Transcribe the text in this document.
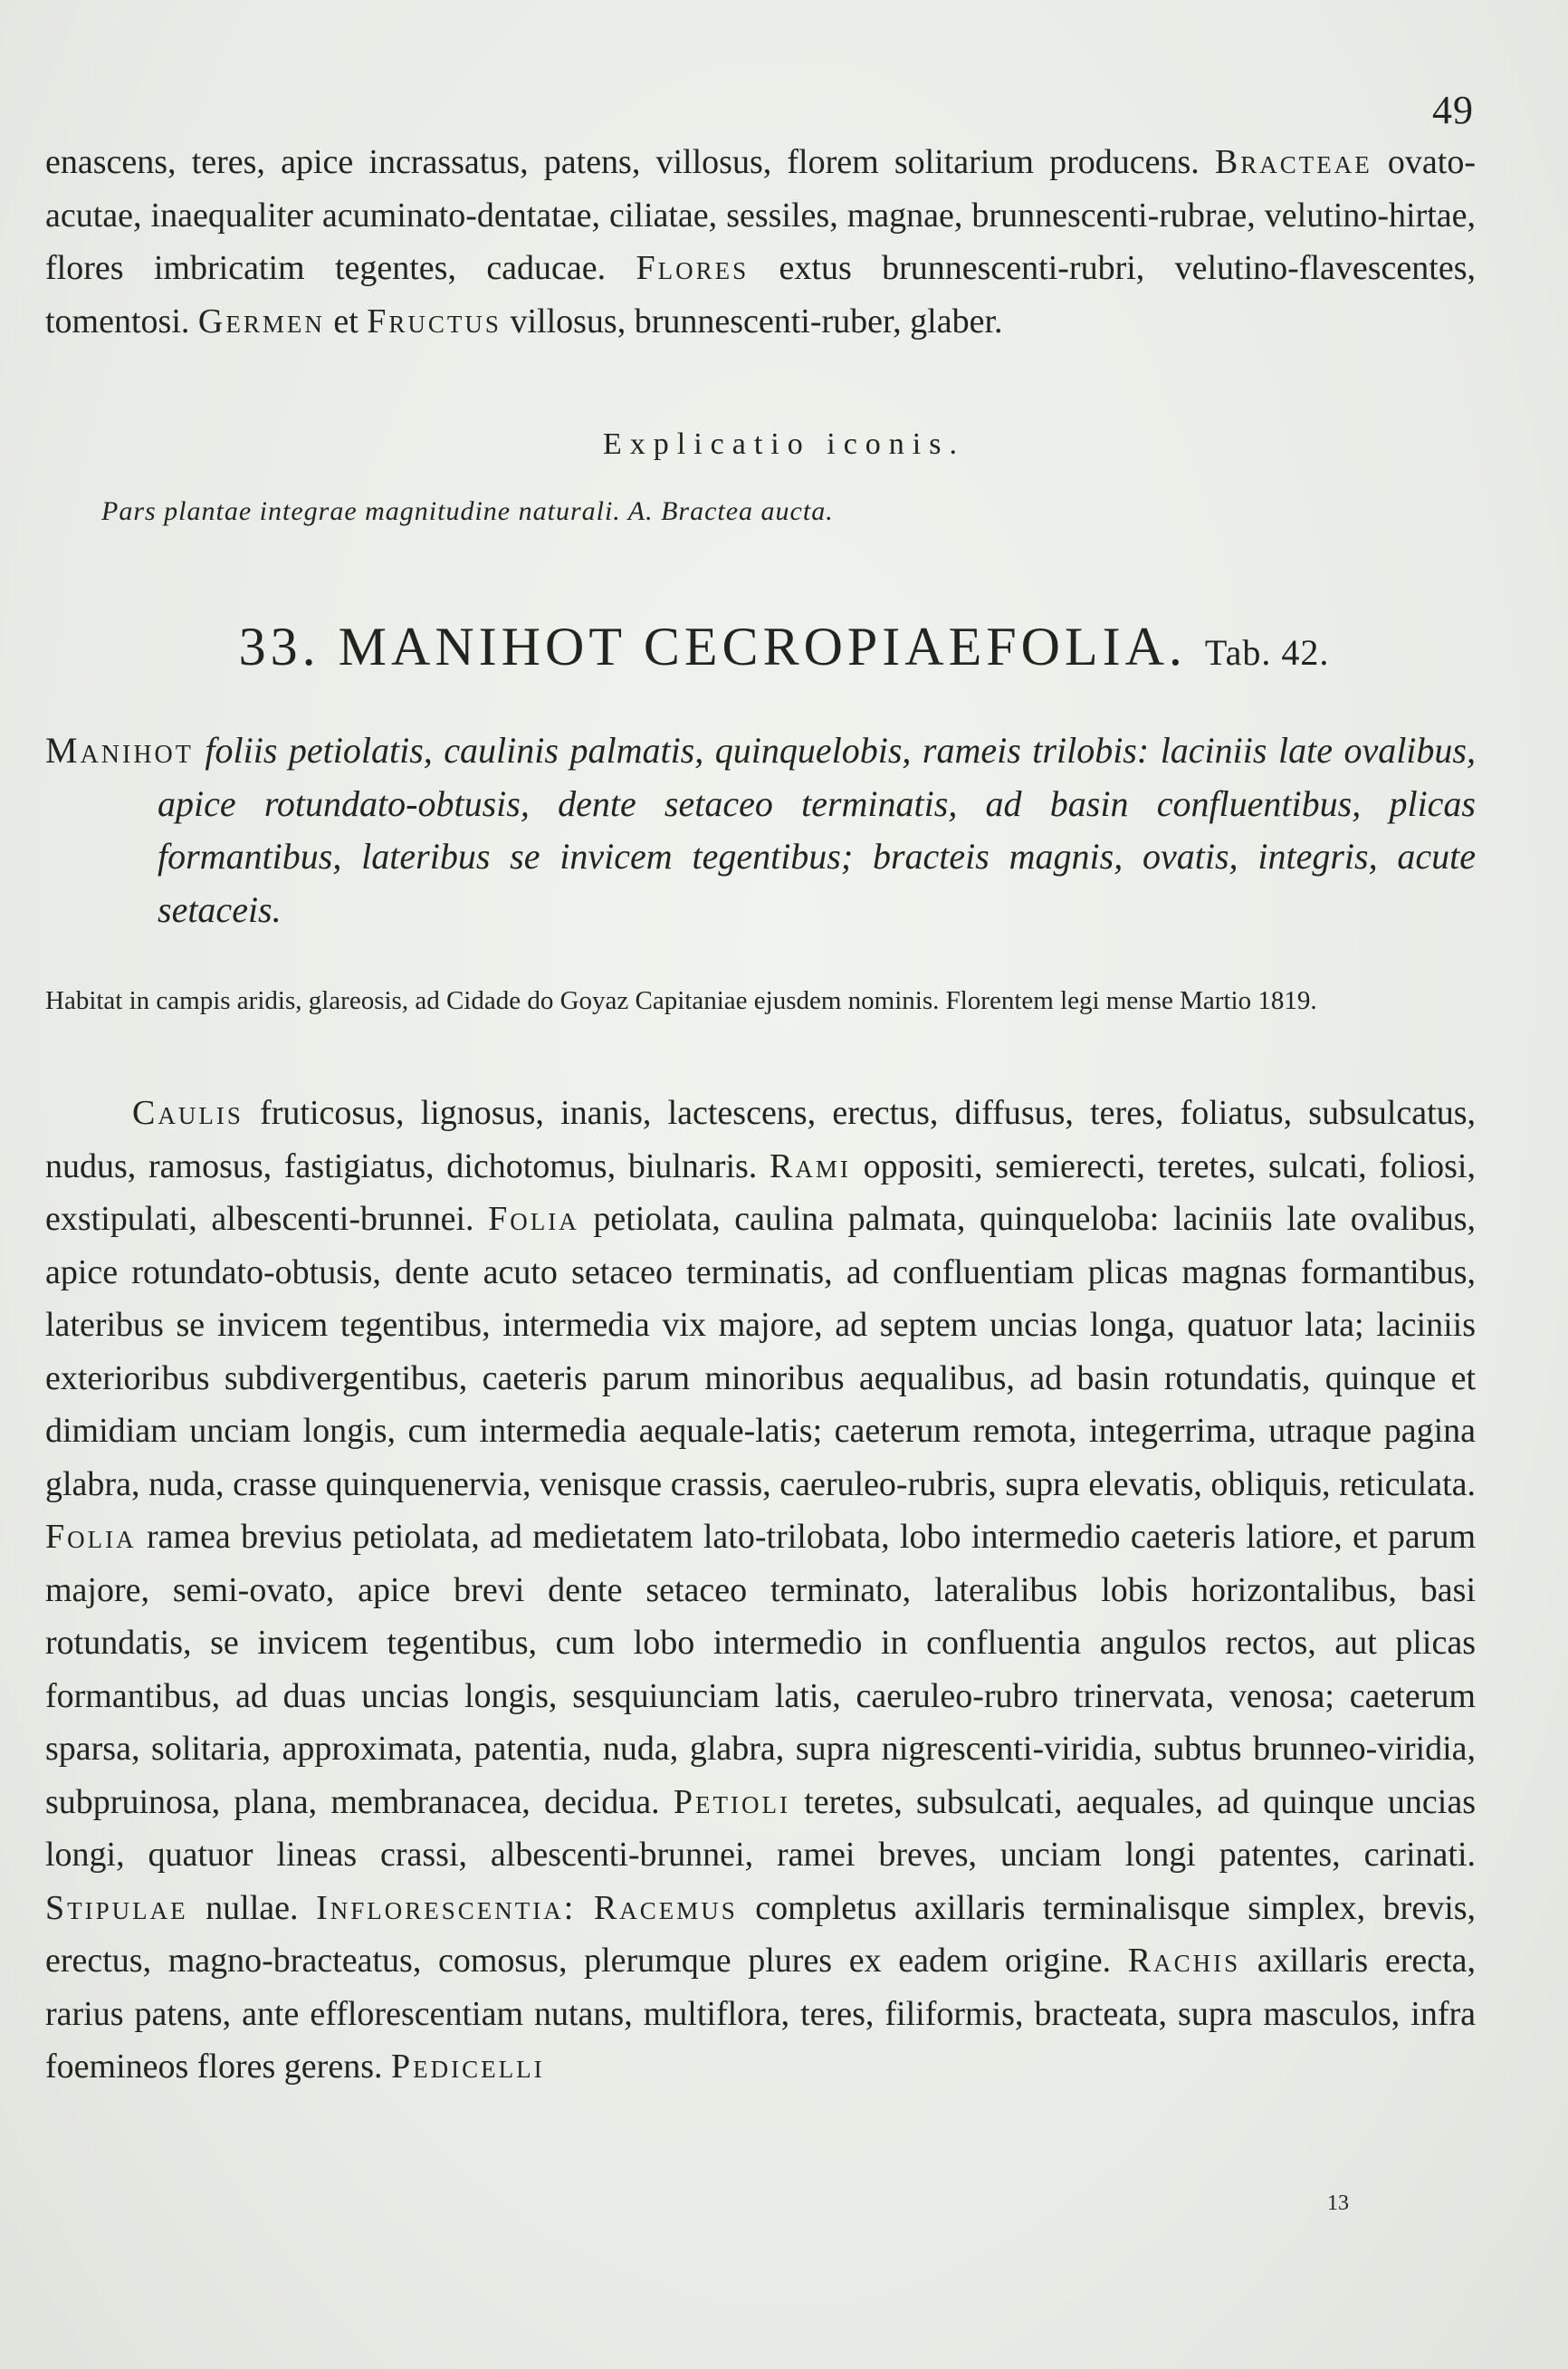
49
enascens, teres, apice incrassatus, patens, villosus, florem solitarium producens. Bracteae ovato-acutae, inaequaliter acuminato-dentatae, ciliatae, sessiles, magnae, brunnescenti-rubrae, velutino-hirtae, flores imbricatim tegentes, caducae. Flores extus brunnescenti-rubri, velutino-flavescentes, tomentosi. Germen et Fructus villosus, brunnescenti-ruber, glaber.
Explicatio iconis.
Pars plantae integrae magnitudine naturali. A. Bractea aucta.
33. MANIHOT CECROPIAEFOLIA. Tab. 42.
Manihot foliis petiolatis, caulinis palmatis, quinquelobis, rameis trilobis: laciniis late ovalibus, apice rotundato-obtusis, dente setaceo terminatis, ad basin confluentibus, plicas formantibus, lateribus se invicem tegentibus; bracteis magnis, ovatis, integris, acute setaceis.
Habitat in campis aridis, glareosis, ad Cidade do Goyaz Capitaniae ejusdem nominis. Florentem legi mense Martio 1819.
Caulis fruticosus, lignosus, inanis, lactescens, erectus, diffusus, teres, foliatus, subsulcatus, nudus, ramosus, fastigiatus, dichotomus, biulnaris. Rami oppositi, semierecti, teretes, sulcati, foliosi, exstipulati, albescenti-brunnei. Folia petiolata, caulina palmata, quinqueloba: laciniis late ovalibus, apice rotundato-obtusis, dente acuto setaceo terminatis, ad confluentiam plicas magnas formantibus, lateribus se invicem tegentibus, intermedia vix majore, ad septem uncias longa, quatuor lata; laciniis exterioribus subdivergentibus, caeteris parum minoribus aequalibus, ad basin rotundatis, quinque et dimidiam unciam longis, cum intermedia aequale-latis; caeterum remota, integerrima, utraque pagina glabra, nuda, crasse quinquenervia, venisque crassis, caeruleo-rubris, supra elevatis, obliquis, reticulata. Folia ramea brevius petiolata, ad medietatem lato-trilobata, lobo intermedio caeteris latiore, et parum majore, semi-ovato, apice brevi dente setaceo terminato, lateralibus lobis horizontalibus, basi rotundatis, se invicem tegentibus, cum lobo intermedio in confluentia angulos rectos, aut plicas formantibus, ad duas uncias longis, sesquiunciam latis, caeruleo-rubro trinervata, venosa; caeterum sparsa, solitaria, approximata, patentia, nuda, glabra, supra nigrescenti-viridia, subtus brunneo-viridia, subpruinosa, plana, membranacea, decidua. Petioli teretes, subsulcati, aequales, ad quinque uncias longi, quatuor lineas crassi, albescenti-brunnei, ramei breves, unciam longi patentes, carinati. Stipulae nullae. Inflorescentia: Racemus completus axillaris terminalisque simplex, brevis, erectus, magno-bracteatus, comosus, plerumque plures ex eadem origine. Rachis axillaris erecta, rarius patens, ante efflorescentiam nutans, multiflora, teres, filiformis, bracteata, supra masculos, infra foemineos flores gerens. Pedicelli
13
